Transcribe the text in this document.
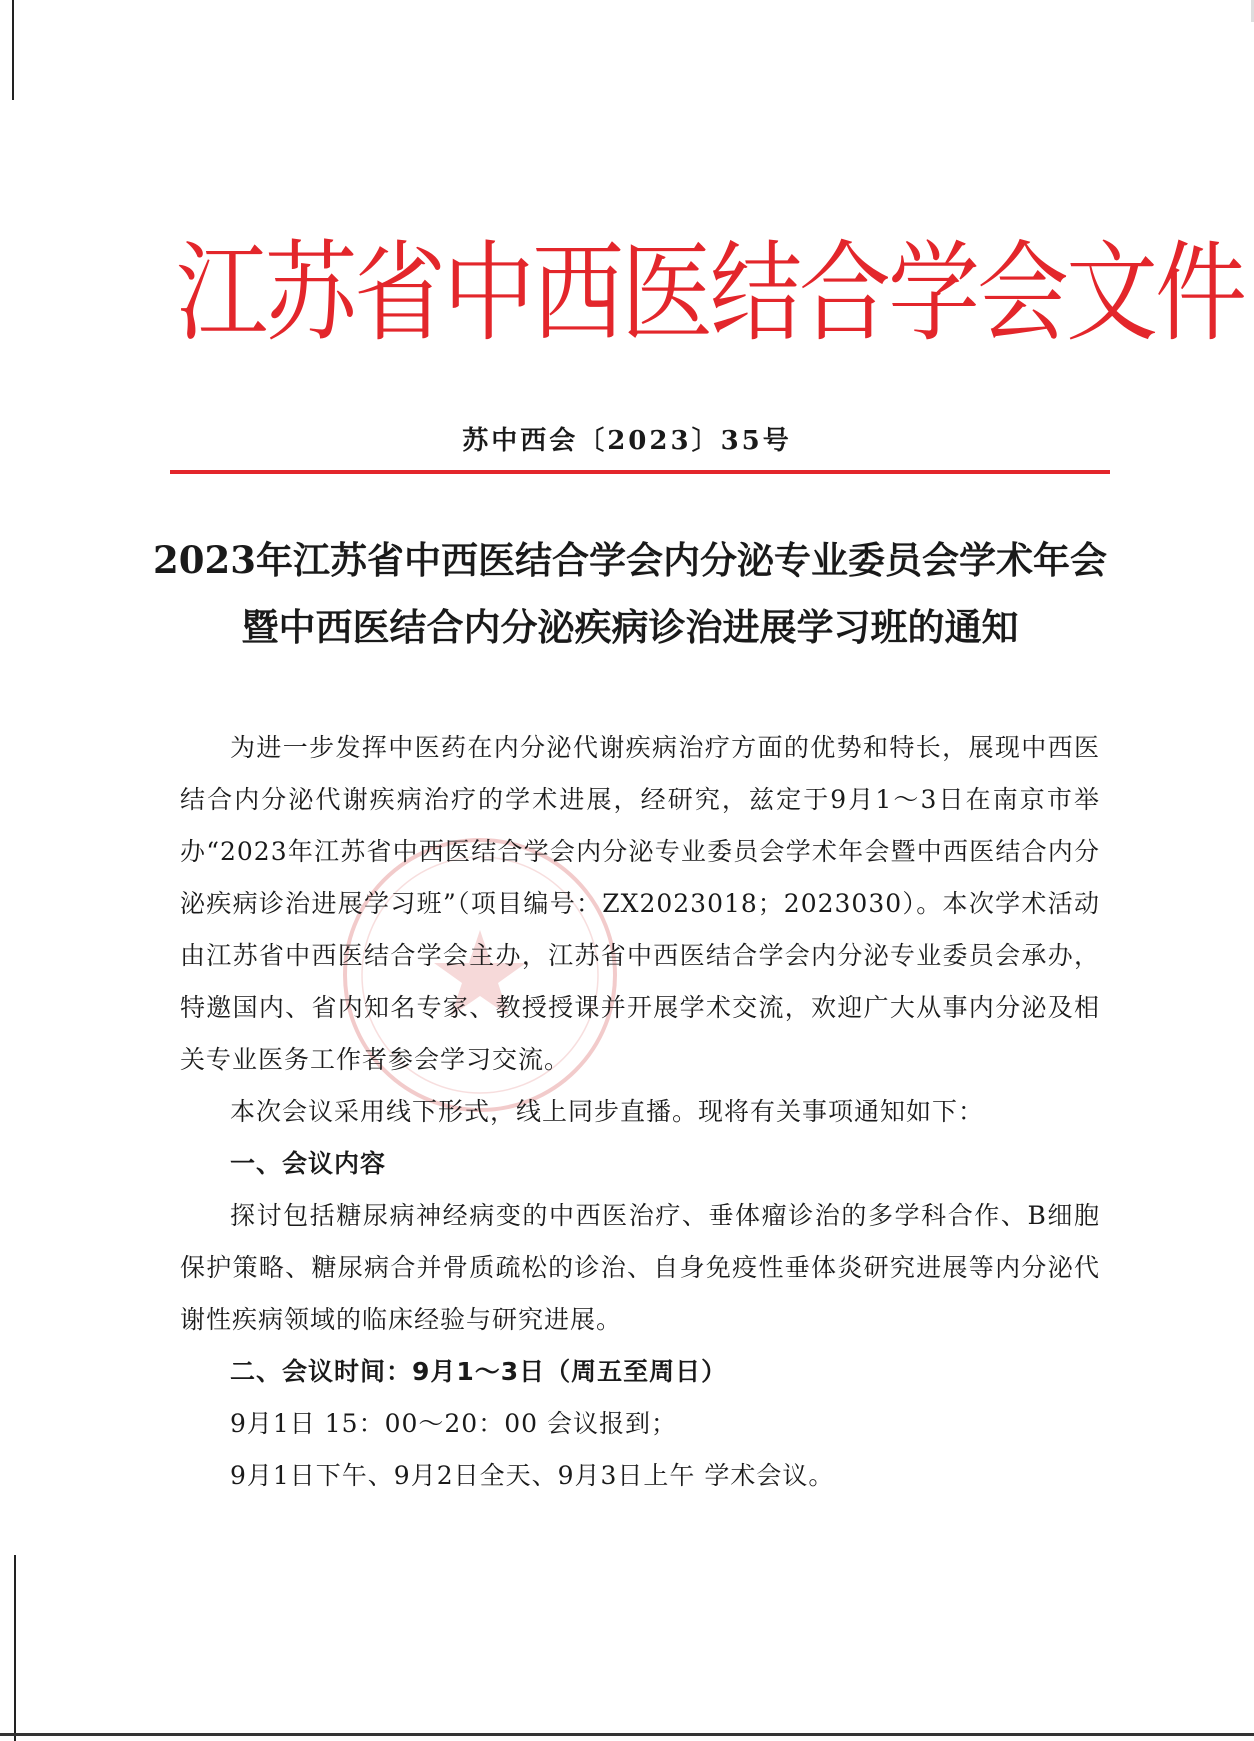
江苏省中西医结合学会文件
苏中西会〔2023〕35号
2023年江苏省中西医结合学会内分泌专业委员会学术年会
暨中西医结合内分泌疾病诊治进展学习班的通知

为进一步发挥中医药在内分泌代谢疾病治疗方面的优势和特长，展现中西医结合内分泌代谢疾病治疗的学术进展，经研究，兹定于9月1～3日在南京市举办“2023年江苏省中西医结合学会内分泌专业委员会学术年会暨中西医结合内分泌疾病诊治进展学习班”（项目编号：ZX2023018；2023030）。本次学术活动由江苏省中西医结合学会主办，江苏省中西医结合学会内分泌专业委员会承办，特邀国内、省内知名专家、教授授课并开展学术交流，欢迎广大从事内分泌及相关专业医务工作者参会学习交流。

本次会议采用线下形式，线上同步直播。现将有关事项通知如下：

一、会议内容

探讨包括糖尿病神经病变的中西医治疗、垂体瘤诊治的多学科合作、B细胞保护策略、糖尿病合并骨质疏松的诊治、自身免疫性垂体炎研究进展等内分泌代谢性疾病领域的临床经验与研究进展。

二、会议时间：9月1～3日（周五至周日）

9月1日 15：00～20：00 会议报到；

9月1日下午、9月2日全天、9月3日上午 学术会议。
